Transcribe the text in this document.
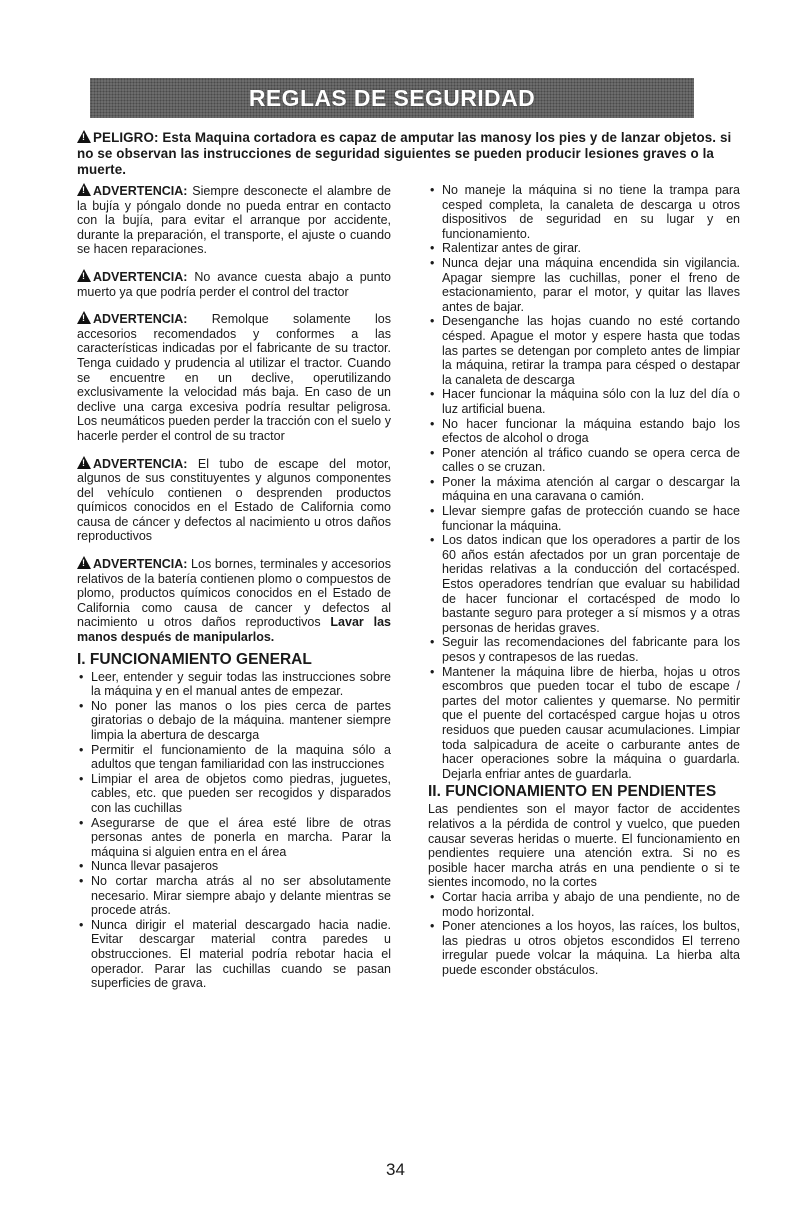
REGLAS DE SEGURIDAD

!PELIGRO: Esta Maquina cortadora es capaz de amputar las manosy los pies y de lanzar objetos. si no se observan las instrucciones de seguridad siguientes se pueden producir lesiones graves o la muerte.

!ADVERTENCIA: Siempre desconecte el alambre de la bujía y póngalo donde no pueda entrar en contacto con la bujía, para evitar el arranque por accidente, durante la preparación, el transporte, el ajuste o cuando se hacen reparaciones.

!ADVERTENCIA: No avance cuesta abajo a punto muerto ya que podría perder el control del tractor

!ADVERTENCIA: Remolque solamente los accesorios recomendados y conformes a las características indicadas por el fabricante de su tractor. Tenga cuidado y prudencia al utilizar el tractor. Cuando se encuentre en un declive, operutilizando exclusivamente la velocidad más baja. En caso de un declive una carga excesiva podría resultar peligrosa. Los neumáticos pueden perder la tracción con el suelo y hacerle perder el control de su tractor

!ADVERTENCIA: El tubo de escape del motor, algunos de sus constituyentes y algunos componentes del vehículo contienen o desprenden productos químicos conocidos en el Estado de California como causa de cáncer y defectos al nacimiento u otros daños reproductivos

!ADVERTENCIA: Los bornes, terminales y accesorios relativos de la batería contienen plomo o compuestos de plomo, productos químicos conocidos en el Estado de California como causa de cancer y defectos al nacimiento u otros daños reproductivos Lavar las manos después de manipularlos.

I. FUNCIONAMIENTO GENERAL
• Leer, entender y seguir todas las instrucciones sobre la máquina y en el manual antes de empezar.
• No poner las manos o los pies cerca de partes giratorias o debajo de la máquina. mantener siempre limpia la abertura de descarga
• Permitir el funcionamiento de la maquina sólo a adultos que tengan familiaridad con las instrucciones
• Limpiar el area de objetos como piedras, juguetes, cables, etc. que pueden ser recogidos y disparados con las cuchillas
• Asegurarse de que el área esté libre de otras personas antes de ponerla en marcha. Parar la máquina si alguien entra en el área
• Nunca llevar pasajeros
• No cortar marcha atrás al no ser absolutamente necesario. Mirar siempre abajo y delante mientras se procede atrás.
• Nunca dirigir el material descargado hacia nadie. Evitar descargar material contra paredes u obstrucciones. El material podría rebotar hacia el operador. Parar las cuchillas cuando se pasan superficies de grava.
• No maneje la máquina si no tiene la trampa para cesped completa, la canaleta de descarga u otros dispositivos de seguridad en su lugar y en funcionamiento.
• Ralentizar antes de girar.
• Nunca dejar una máquina encendida sin vigilancia. Apagar siempre las cuchillas, poner el freno de estacionamiento, parar el motor, y quitar las llaves antes de bajar.
• Desenganche las hojas cuando no esté cortando césped. Apague el motor y espere hasta que todas las partes se detengan por completo antes de limpiar la máquina, retirar la trampa para césped o destapar la canaleta de descarga
• Hacer funcionar la máquina sólo con la luz del día o luz artificial buena.
• No hacer funcionar la máquina estando bajo los efectos de alcohol o droga
• Poner atención al tráfico cuando se opera cerca de calles o se cruzan.
• Poner la máxima atención al cargar o descargar la máquina en una caravana o camión.
• Llevar siempre gafas de protección cuando se hace funcionar la máquina.
• Los datos indican que los operadores a partir de los 60 años están afectados por un gran porcentaje de heridas relativas a la conducción del cortacésped. Estos operadores tendrían que evaluar su habilidad de hacer funcionar el cortacésped de modo lo bastante seguro para proteger a sí mismos y a otras personas de heridas graves.
• Seguir las recomendaciones del fabricante para los pesos y contrapesos de las ruedas.
• Mantener la máquina libre de hierba, hojas u otros escombros que pueden tocar el tubo de escape / partes del motor calientes y quemarse. No permitir que el puente del cortacésped cargue hojas u otros residuos que pueden causar acumulaciones. Limpiar toda salpicadura de aceite o carburante antes de hacer operaciones sobre la máquina o guardarla. Dejarla enfriar antes de guardarla.
II. FUNCIONAMIENTO EN PENDIENTES

Las pendientes son el mayor factor de accidentes relativos a la pérdida de control y vuelco, que pueden causar severas heridas o muerte. El funcionamiento en pendientes requiere una atención extra. Si no es posible hacer marcha atrás en una pendiente o si te sientes incomodo, no la cortes

• Cortar hacia arriba y abajo de una pendiente, no de modo horizontal.
• Poner atenciones a los hoyos, las raíces, los bultos, las piedras u otros objetos escondidos El terreno irregular puede volcar la máquina. La hierba alta puede esconder obstáculos.
34
